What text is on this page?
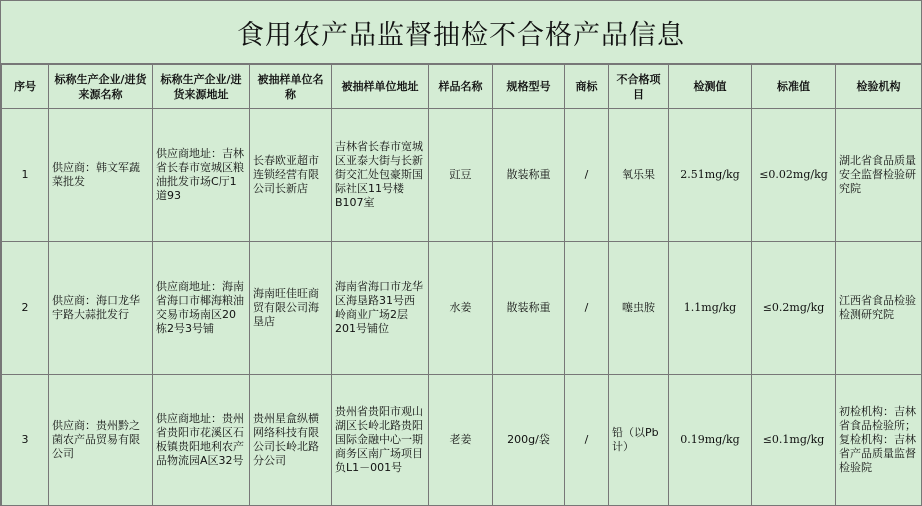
食用农产品监督抽检不合格产品信息
序号	标称生产企业/进货来源名称	标称生产企业/进货来源地址	被抽样单位名称	被抽样单位地址	样品名称	规格型号	商标	不合格项目	检测值	标准值	检验机构
1	供应商：韩文军蔬菜批发	供应商地址：吉林省长春市宽城区粮油批发市场C厅1道93	长春欧亚超市连锁经营有限公司长新店	吉林省长春市宽城区亚泰大街与长新街交汇处包豪斯国际社区11号楼B107室	豇豆	散装称重	/	氧乐果	2.51mg/kg	≤0.02mg/kg	湖北省食品质量安全监督检验研究院
2	供应商：海口龙华宇路大蒜批发行	供应商地址：海南省海口市椰海粮油交易市场南区20栋2号3号铺	海南旺佳旺商贸有限公司海垦店	海南省海口市龙华区海垦路31号西岭商业广场2层201号铺位	水姜	散装称重	/	噻虫胺	1.1mg/kg	≤0.2mg/kg	江西省食品检验检测研究院
3	供应商：贵州黔之菌农产品贸易有限公司	供应商地址：贵州省贵阳市花溪区石板镇贵阳地利农产品物流园A区32号	贵州星盒纵横网络科技有限公司长岭北路分公司	贵州省贵阳市观山湖区长岭北路贵阳国际金融中心一期商务区南广场项目负L1－001号	老姜	200g/袋	/	铅（以Pb计）	0.19mg/kg	≤0.1mg/kg	初检机构：吉林省食品检验所；复检机构：吉林省产品质量监督检验院
